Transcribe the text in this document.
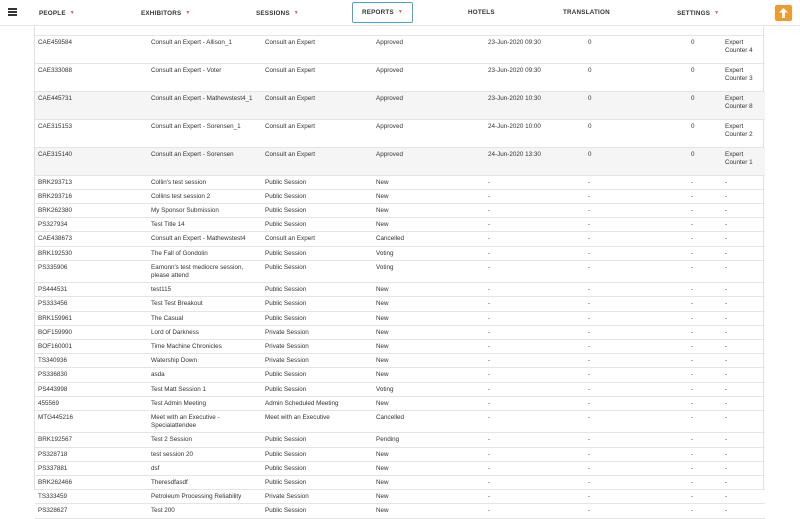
CAE459584	Consult an Expert - Allison_1	Consult an Expert	Approved	23-Jun-2020 09:30	0	0	Expert Counter 4
CAE333088	Consult an Expert - Voter	Consult an Expert	Approved	23-Jun-2020 09:30	0	0	Expert Counter 3
CAE445731	Consult an Expert - Mathewstest4_1	Consult an Expert	Approved	23-Jun-2020 10:30	0	0	Expert Counter 8
CAE315153	Consult an Expert - Sorensen_1	Consult an Expert	Approved	24-Jun-2020 10:00	0	0	Expert Counter 2
CAE315140	Consult an Expert - Sorensen	Consult an Expert	Approved	24-Jun-2020 13:30	0	0	Expert Counter 1
BRK293713	Collin's test session	Public Session	New	-	-	-	-
BRK293716	Collins test session 2	Public Session	New	-	-	-	-
BRK262380	My Sponsor Submission	Public Session	New	-	-	-	-
PS327934	Test Title 14	Public Session	New	-	-	-	-
CAE438673	Consult an Expert - Mathewstest4	Consult an Expert	Cancelled	-	-	-	-
BRK192530	The Fall of Gondolin	Public Session	Voting	-	-	-	-
PS335906	Eamonn's test mediocre session, please attend	Public Session	Voting	-	-	-	-
PS444531	test115	Public Session	New	-	-	-	-
PS333456	Test Test Breakout	Public Session	New	-	-	-	-
BRK159961	The Casual	Public Session	New	-	-	-	-
BOF159990	Lord of Darkness	Private Session	New	-	-	-	-
BOF160001	Time Machine Chronicles	Private Session	New	-	-	-	-
TS340936	Watership Down	Private Session	New	-	-	-	-
PS336830	asda	Public Session	New	-	-	-	-
PS443998	Test Matt Session 1	Public Session	Voting	-	-	-	-
455569	Test Admin Meeting	Admin Scheduled Meeting	New	-	-	-	-
MTG445216	Meet with an Executive - Specialattendee	Meet with an Executive	Cancelled	-	-	-	-
BRK192567	Test 2 Session	Public Session	Pending	-	-	-	-
PS328718	test session 20	Public Session	New	-	-	-	-
PS337881	dsf	Public Session	New	-	-	-	-
BRK262466	Theresdfasdf	Public Session	New	-	-	-	-
TS333459	Petroleum Processing Reliability	Private Session	New	-	-	-	-
PS328627	Test 200	Public Session	New	-	-	-	-
PEOPLE ▼	EXHIBITORS ▼	SESSIONS ▼	REPORTS ▼	HOTELS	TRANSLATION	SETTINGS ▼
